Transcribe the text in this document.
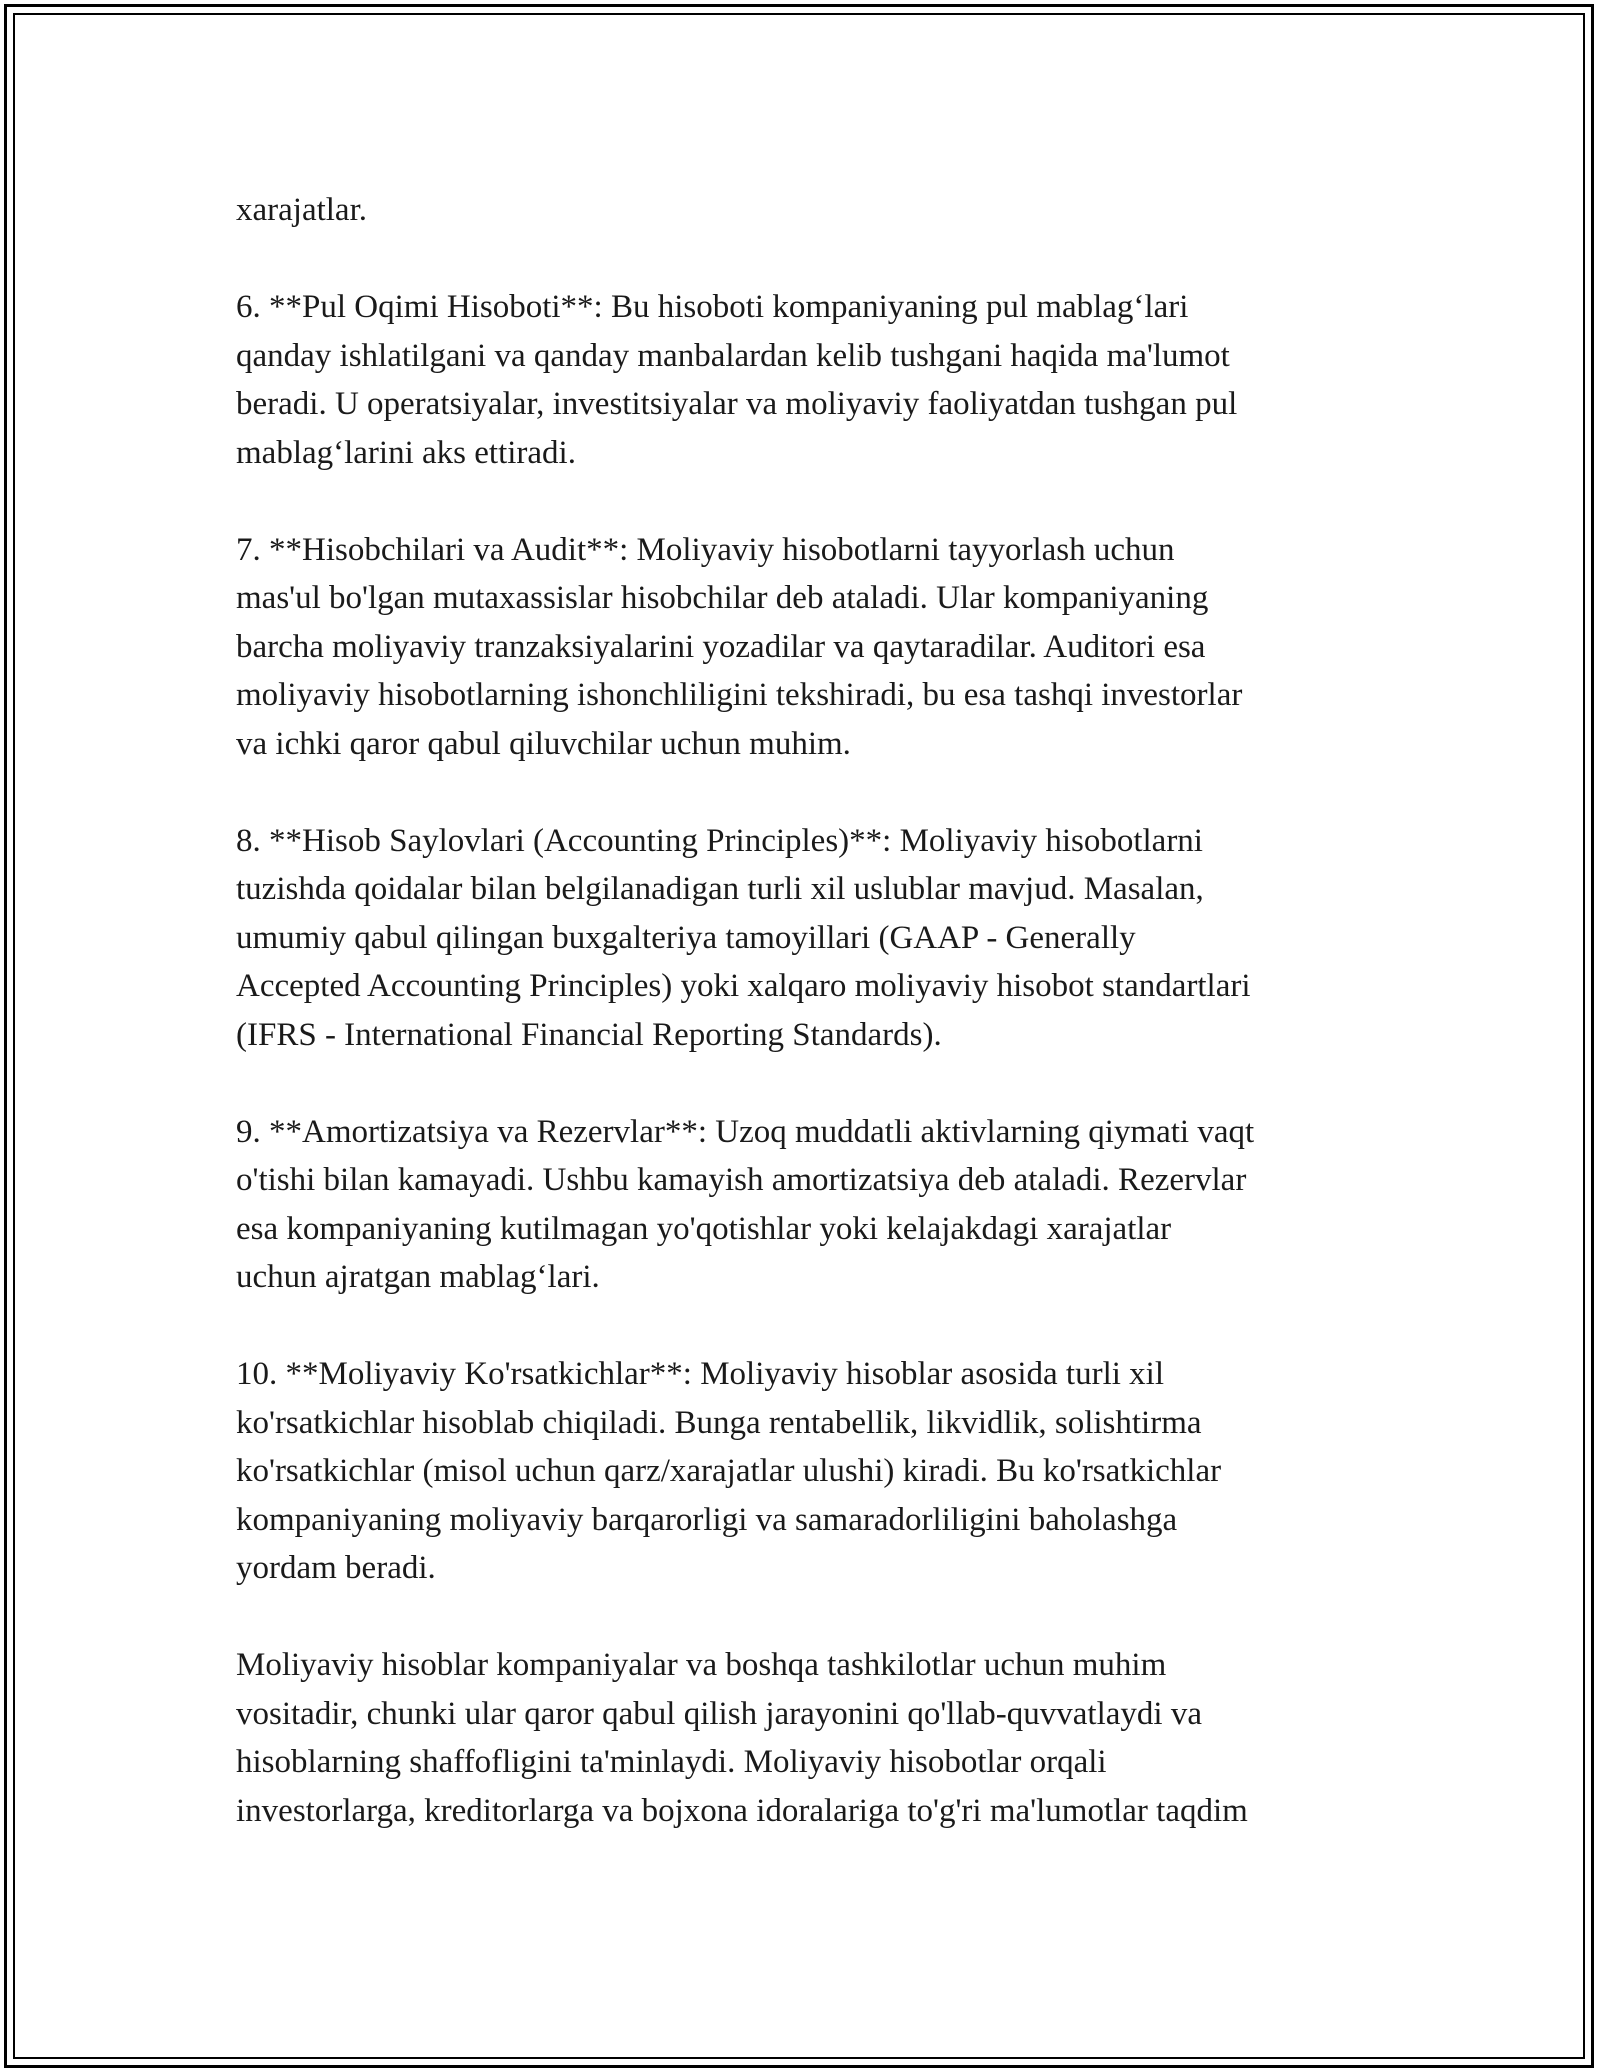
xarajatlar.

6. **Pul Oqimi Hisoboti**: Bu hisoboti kompaniyaning pul mablag‘lari
qanday ishlatilgani va qanday manbalardan kelib tushgani haqida ma'lumot
beradi. U operatsiyalar, investitsiyalar va moliyaviy faoliyatdan tushgan pul
mablag‘larini aks ettiradi.

7. **Hisobchilari va Audit**: Moliyaviy hisobotlarni tayyorlash uchun
mas'ul bo'lgan mutaxassislar hisobchilar deb ataladi. Ular kompaniyaning
barcha moliyaviy tranzaksiyalarini yozadilar va qaytaradilar. Auditori esa
moliyaviy hisobotlarning ishonchliligini tekshiradi, bu esa tashqi investorlar
va ichki qaror qabul qiluvchilar uchun muhim.

8. **Hisob Saylovlari (Accounting Principles)**: Moliyaviy hisobotlarni
tuzishda qoidalar bilan belgilanadigan turli xil uslublar mavjud. Masalan,
umumiy qabul qilingan buxgalteriya tamoyillari (GAAP - Generally
Accepted Accounting Principles) yoki xalqaro moliyaviy hisobot standartlari
(IFRS - International Financial Reporting Standards).

9. **Amortizatsiya va Rezervlar**: Uzoq muddatli aktivlarning qiymati vaqt
o'tishi bilan kamayadi. Ushbu kamayish amortizatsiya deb ataladi. Rezervlar
esa kompaniyaning kutilmagan yo'qotishlar yoki kelajakdagi xarajatlar
uchun ajratgan mablag‘lari.

10. **Moliyaviy Ko'rsatkichlar**: Moliyaviy hisoblar asosida turli xil
ko'rsatkichlar hisoblab chiqiladi. Bunga rentabellik, likvidlik, solishtirma
ko'rsatkichlar (misol uchun qarz/xarajatlar ulushi) kiradi. Bu ko'rsatkichlar
kompaniyaning moliyaviy barqarorligi va samaradorliligini baholashga
yordam beradi.

Moliyaviy hisoblar kompaniyalar va boshqa tashkilotlar uchun muhim
vositadir, chunki ular qaror qabul qilish jarayonini qo'llab-quvvatlaydi va
hisoblarning shaffofligini ta'minlaydi. Moliyaviy hisobotlar orqali
investorlarga, kreditorlarga va bojxona idoralariga to'g'ri ma'lumotlar taqdim
